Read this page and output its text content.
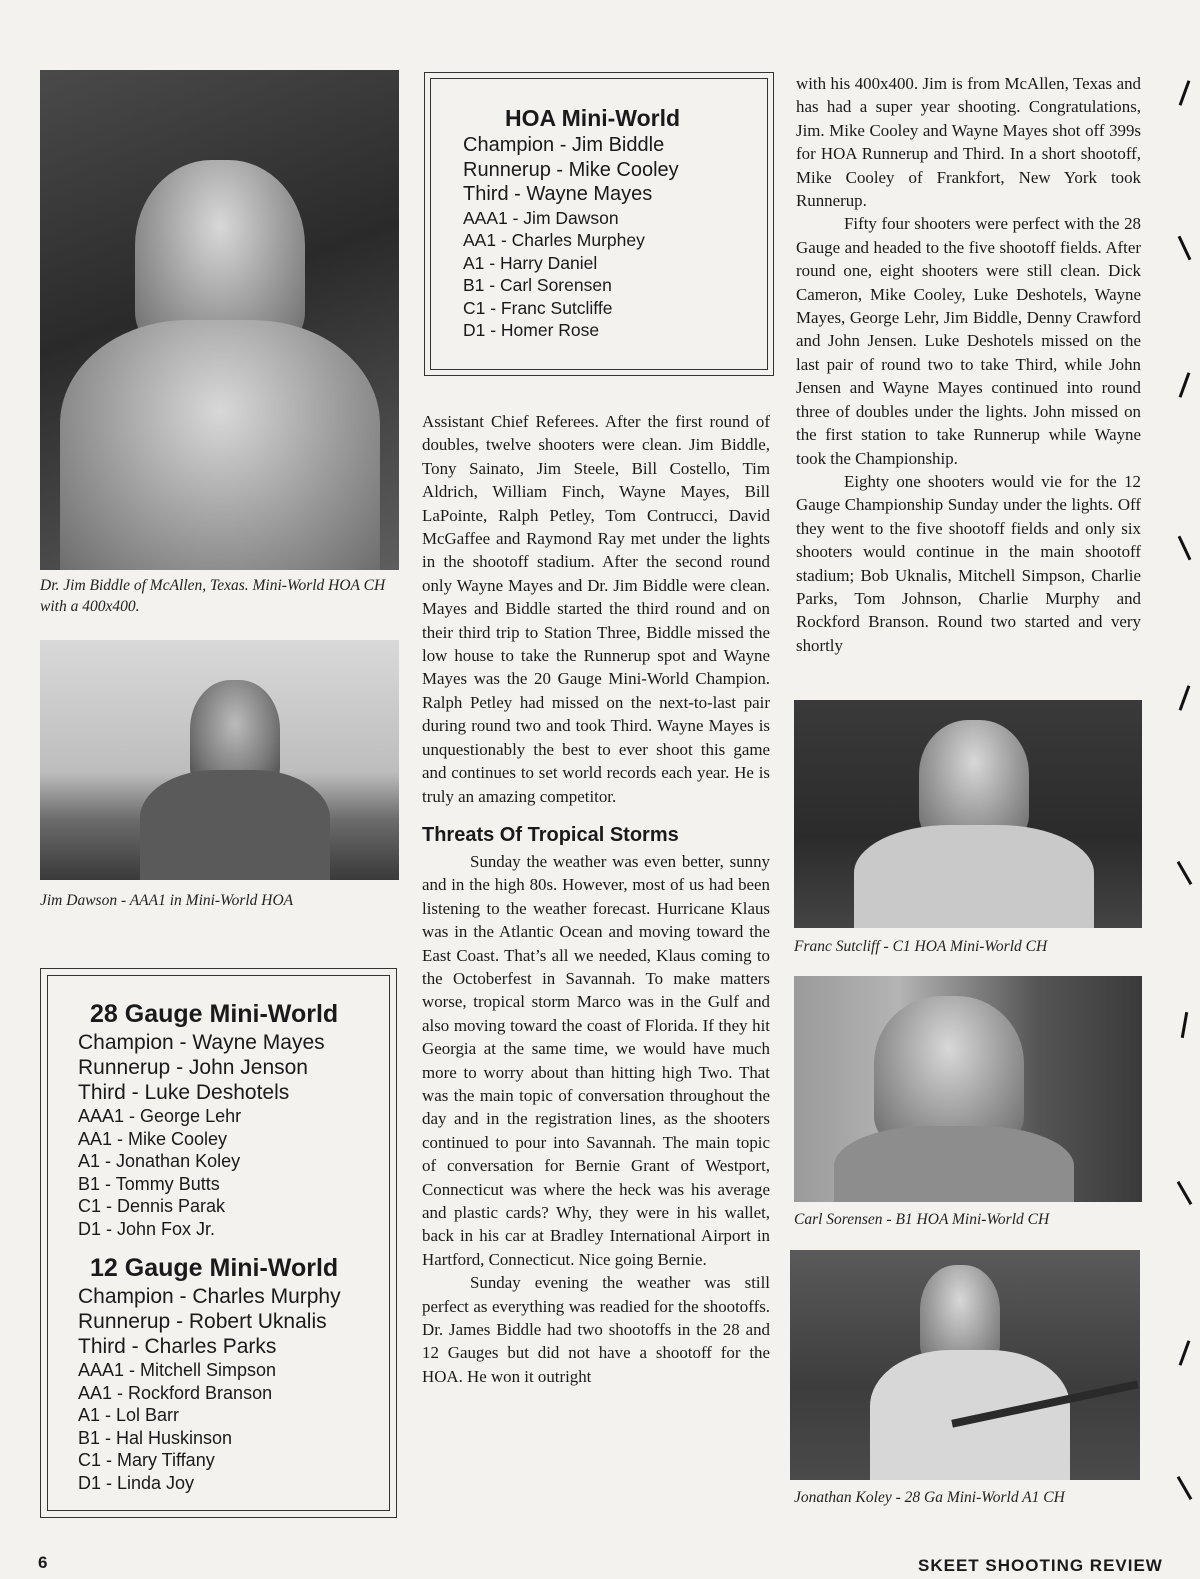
Dr. Jim Biddle of McAllen, Texas. Mini-World HOA CH with a 400x400.
Jim Dawson - AAA1 in Mini-World HOA
28 Gauge Mini-World
Champion - Wayne Mayes
Runnerup - John Jenson
Third - Luke Deshotels
AAA1 - George Lehr
AA1 - Mike Cooley
A1 - Jonathan Koley
B1 - Tommy Butts
C1 - Dennis Parak
D1 - John Fox Jr.
12 Gauge Mini-World
Champion - Charles Murphy
Runnerup - Robert Uknalis
Third - Charles Parks
AAA1 - Mitchell Simpson
AA1 - Rockford Branson
A1 - Lol Barr
B1 - Hal Huskinson
C1 - Mary Tiffany
D1 - Linda Joy
HOA Mini-World
Champion - Jim Biddle
Runnerup - Mike Cooley
Third - Wayne Mayes
AAA1 - Jim Dawson
AA1 - Charles Murphey
A1 - Harry Daniel
B1 - Carl Sorensen
C1 - Franc Sutcliffe
D1 - Homer Rose

Assistant Chief Referees. After the first round of doubles, twelve shooters were clean. Jim Biddle, Tony Sainato, Jim Steele, Bill Costello, Tim Aldrich, William Finch, Wayne Mayes, Bill LaPointe, Ralph Petley, Tom Contrucci, David McGaffee and Raymond Ray met under the lights in the shootoff stadium. After the second round only Wayne Mayes and Dr. Jim Biddle were clean. Mayes and Biddle started the third round and on their third trip to Station Three, Biddle missed the low house to take the Runnerup spot and Wayne Mayes was the 20 Gauge Mini-World Champion. Ralph Petley had missed on the next-to-last pair during round two and took Third. Wayne Mayes is unquestionably the best to ever shoot this game and continues to set world records each year. He is truly an amazing competitor.

Threats Of Tropical Storms

Sunday the weather was even better, sunny and in the high 80s. However, most of us had been listening to the weather forecast. Hurricane Klaus was in the Atlantic Ocean and moving toward the East Coast. That’s all we needed, Klaus coming to the Octoberfest in Savannah. To make matters worse, tropical storm Marco was in the Gulf and also moving toward the coast of Florida. If they hit Georgia at the same time, we would have much more to worry about than hitting high Two. That was the main topic of conversation throughout the day and in the registration lines, as the shooters continued to pour into Savannah. The main topic of conversation for Bernie Grant of Westport, Connecticut was where the heck was his average and plastic cards? Why, they were in his wallet, back in his car at Bradley International Airport in Hartford, Connecticut. Nice going Bernie.

Sunday evening the weather was still perfect as everything was readied for the shootoffs. Dr. James Biddle had two shootoffs in the 28 and 12 Gauges but did not have a shootoff for the HOA. He won it outright

with his 400x400. Jim is from McAllen, Texas and has had a super year shooting. Congratulations, Jim. Mike Cooley and Wayne Mayes shot off 399s for HOA Runnerup and Third. In a short shootoff, Mike Cooley of Frankfort, New York took Runnerup.

Fifty four shooters were perfect with the 28 Gauge and headed to the five shootoff fields. After round one, eight shooters were still clean. Dick Cameron, Mike Cooley, Luke Deshotels, Wayne Mayes, George Lehr, Jim Biddle, Denny Crawford and John Jensen. Luke Deshotels missed on the last pair of round two to take Third, while John Jensen and Wayne Mayes continued into round three of doubles under the lights. John missed on the first station to take Runnerup while Wayne took the Championship.

Eighty one shooters would vie for the 12 Gauge Championship Sunday under the lights. Off they went to the five shootoff fields and only six shooters would continue in the main shootoff stadium; Bob Uknalis, Mitchell Simpson, Charlie Parks, Tom Johnson, Charlie Murphy and Rockford Branson. Round two started and very shortly

Franc Sutcliff - C1 HOA Mini-World CH
Carl Sorensen - B1 HOA Mini-World CH
Jonathan Koley - 28 Ga Mini-World A1 CH
6	SKEET SHOOTING REVIEW
